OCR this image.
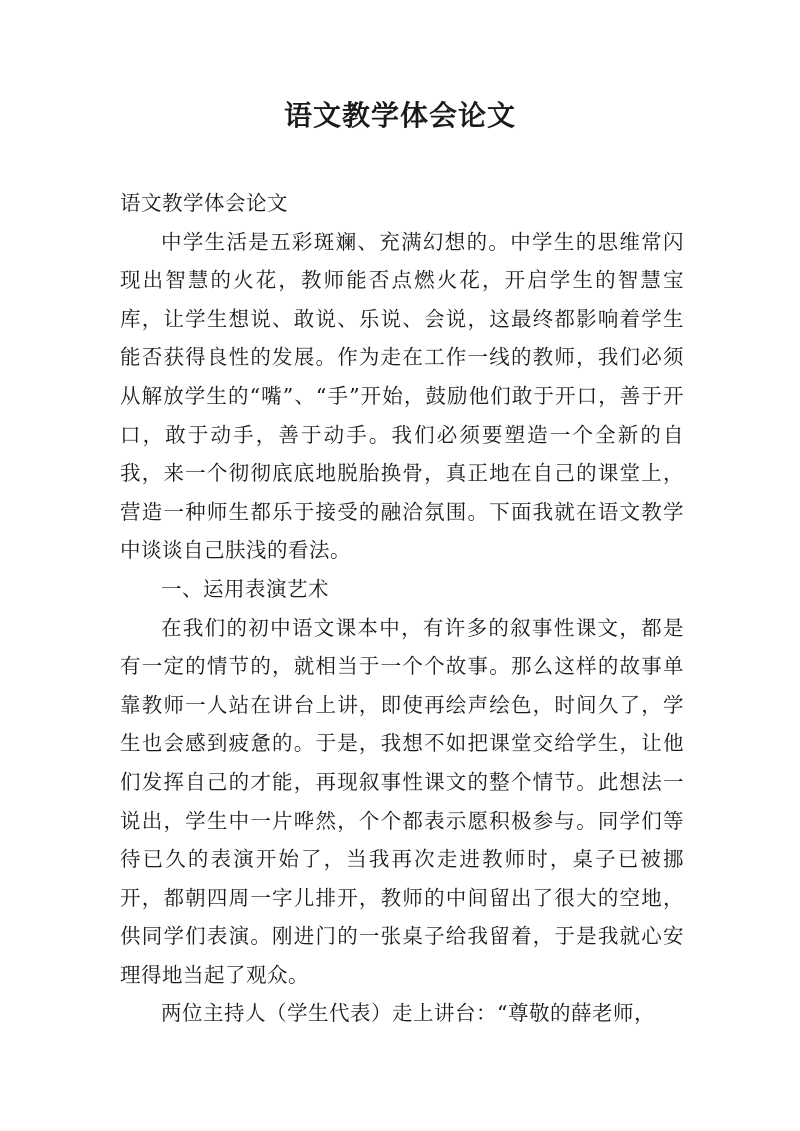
语文教学体会论文

语文教学体会论文

中学生活是五彩斑斓、充满幻想的。中学生的思维常闪现出智慧的火花，教师能否点燃火花，开启学生的智慧宝库，让学生想说、敢说、乐说、会说，这最终都影响着学生能否获得良性的发展。作为走在工作一线的教师，我们必须从解放学生的“嘴”、“手”开始，鼓励他们敢于开口，善于开口，敢于动手，善于动手。我们必须要塑造一个全新的自我，来一个彻彻底底地脱胎换骨，真正地在自己的课堂上，营造一种师生都乐于接受的融洽氛围。下面我就在语文教学中谈谈自己肤浅的看法。

一、运用表演艺术

在我们的初中语文课本中，有许多的叙事性课文，都是有一定的情节的，就相当于一个个故事。那么这样的故事单靠教师一人站在讲台上讲，即使再绘声绘色，时间久了，学生也会感到疲惫的。于是，我想不如把课堂交给学生，让他们发挥自己的才能，再现叙事性课文的整个情节。此想法一说出，学生中一片哗然，个个都表示愿积极参与。同学们等待已久的表演开始了，当我再次走进教师时，桌子已被挪开，都朝四周一字儿排开，教师的中间留出了很大的空地，供同学们表演。刚进门的一张桌子给我留着，于是我就心安理得地当起了观众。

两位主持人（学生代表）走上讲台：“尊敬的薛老师，
